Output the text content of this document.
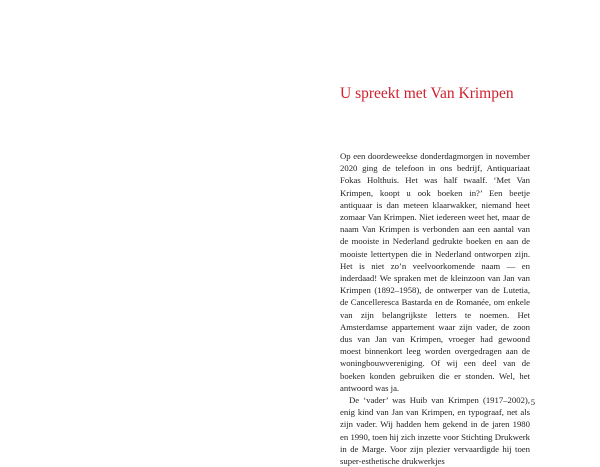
U spreekt met Van Krimpen

Op een doordeweekse donderdagmorgen in november 2020 ging de telefoon in ons bedrijf, Antiquariaat Fokas Holthuis. Het was half twaalf. ‘Met Van Krimpen, koopt u ook boeken in?’ Een beetje antiquaar is dan meteen klaarwakker, niemand heet zomaar Van Krimpen. Niet iedereen weet het, maar de naam Van Krimpen is verbonden aan een aantal van de mooiste in Nederland gedrukte boeken en aan de mooiste lettertypen die in Nederland ontworpen zijn. Het is niet zo’n veelvoorkomende naam — en inderdaad! We spraken met de kleinzoon van Jan van Krimpen (1892–1958), de ontwerper van de Lutetia, de Cancelleresca Bastarda en de Romanée, om enkele van zijn belangrijkste letters te noemen. Het Amsterdamse appartement waar zijn vader, de zoon dus van Jan van Krimpen, vroeger had gewoond moest binnenkort leeg worden overgedragen aan de woningbouwvereniging. Of wij een deel van de boeken konden gebruiken die er stonden. Wel, het antwoord was ja.

De ‘vader’ was Huib van Krimpen (1917–2002), enig kind van Jan van Krimpen, en typograaf, net als zijn vader. Wij hadden hem gekend in de jaren 1980 en 1990, toen hij zich inzette voor Stichting Drukwerk in de Marge. Voor zijn plezier vervaardigde hij toen super-esthetische drukwerkjes

5
